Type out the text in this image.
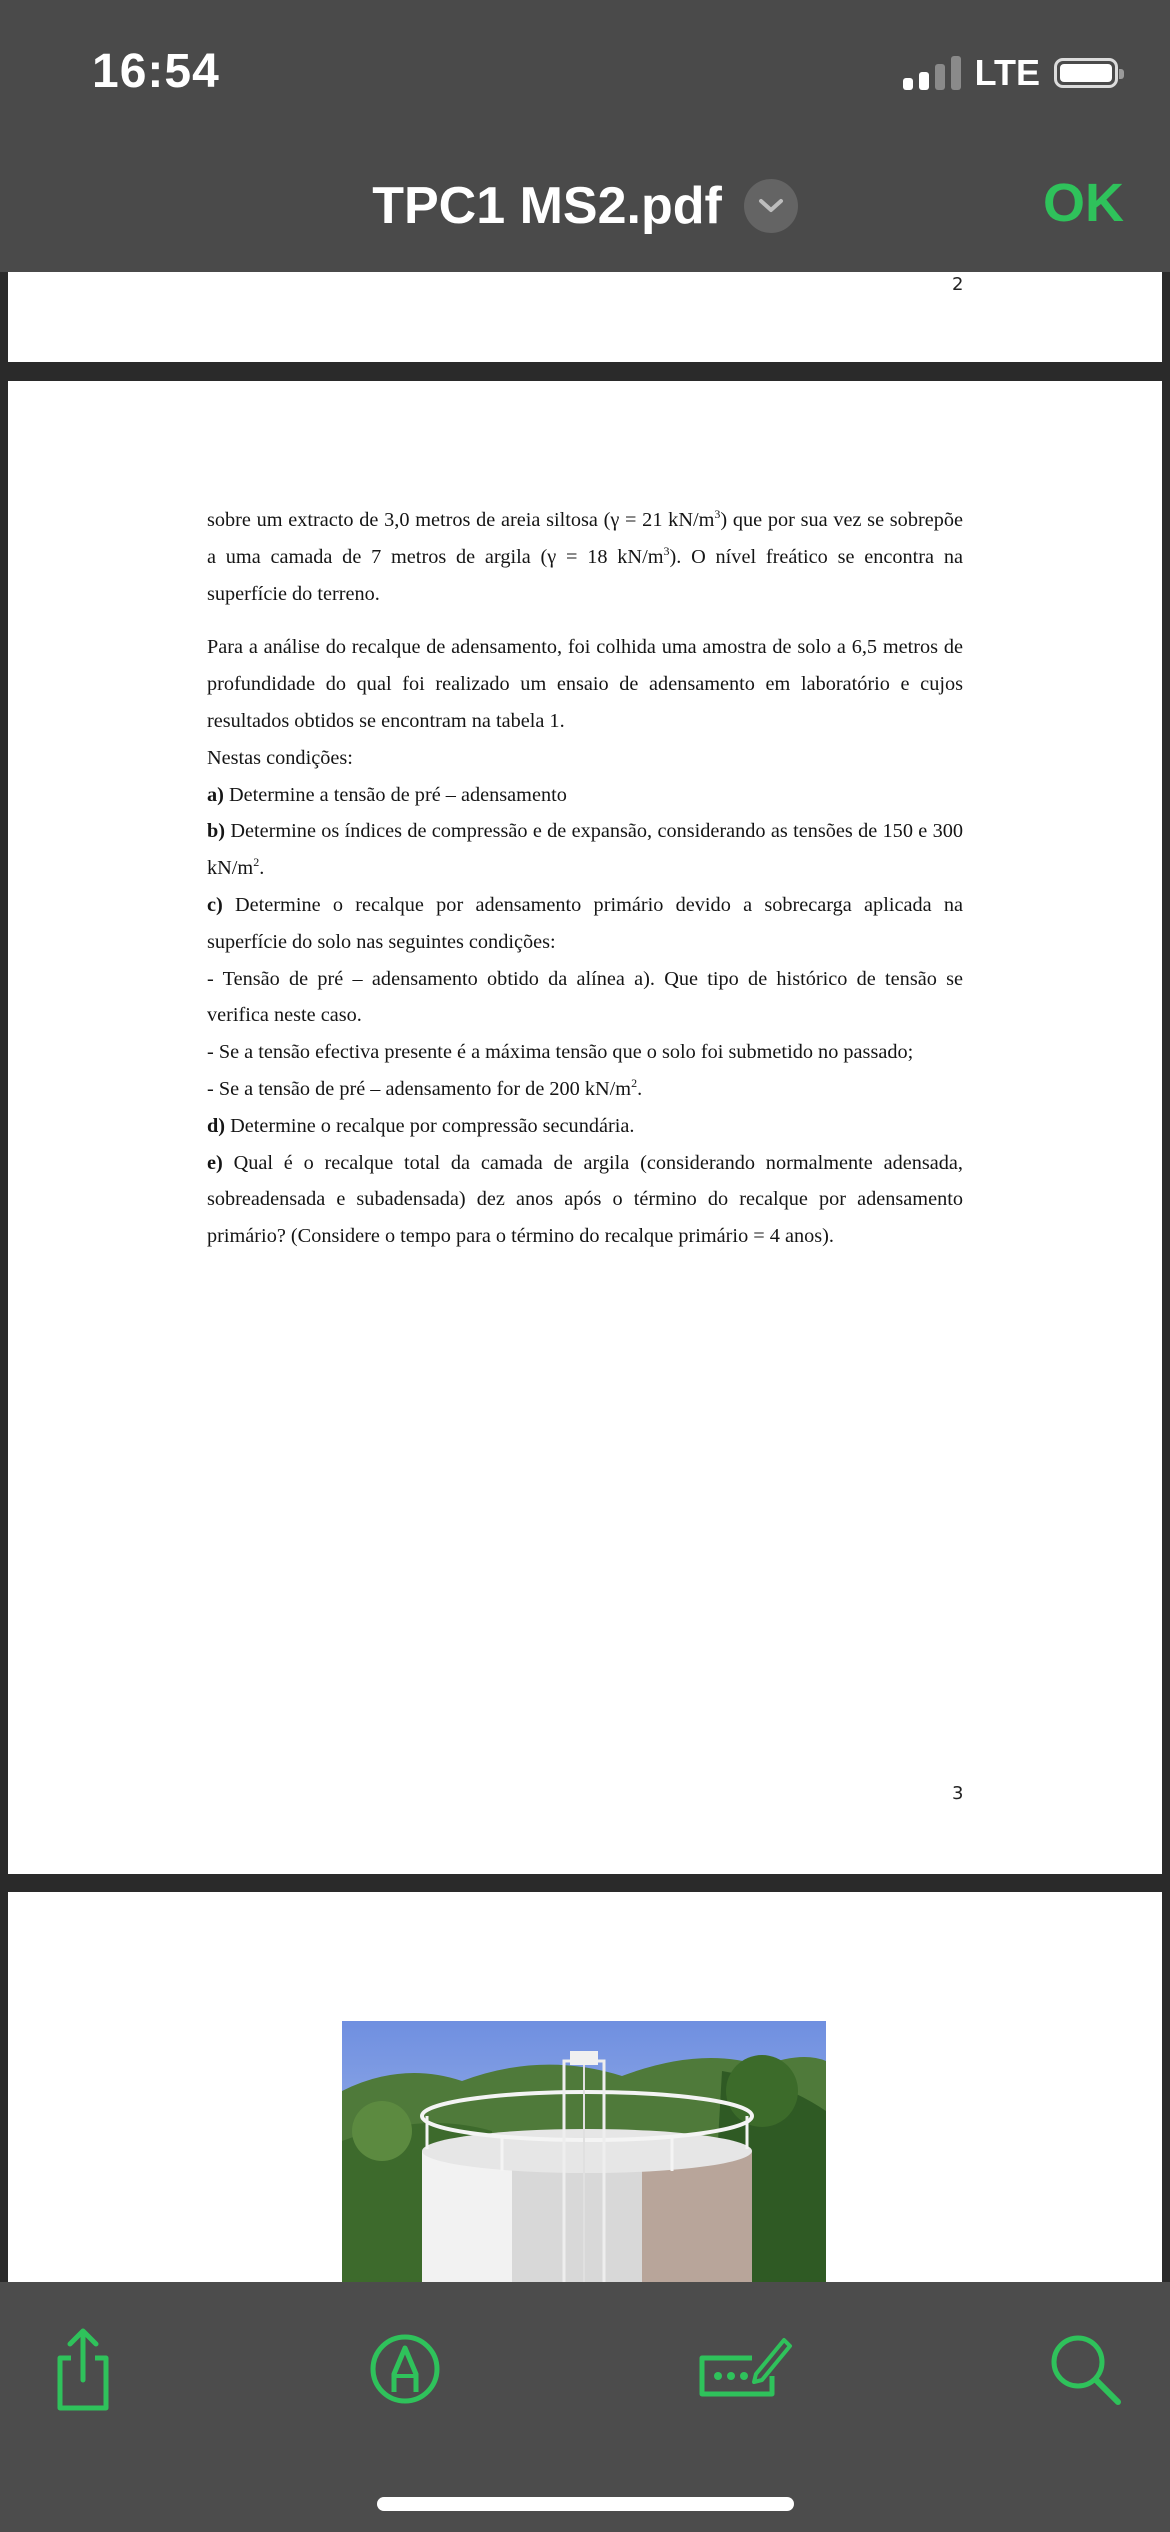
16:54	LTE
TPC1 MS2.pdf	OK
2

sobre um extracto de 3,0 metros de areia siltosa (γ = 21 $kN/m^3$) que por sua vez se sobrepõe a uma camada de 7 metros de argila (γ = 18 $kN/m^3$). O nível freático se encontra na superfície do terreno.

Para a análise do recalque de adensamento, foi colhida uma amostra de solo a 6,5 metros de profundidade do qual foi realizado um ensaio de adensamento em laboratório e cujos resultados obtidos se encontram na tabela 1.

Nestas condições:

a) Determine a tensão de pré – adensamento

b) Determine os índices de compressão e de expansão, considerando as tensões de 150 e 300 $kN/m^2$.

c) Determine o recalque por adensamento primário devido a sobrecarga aplicada na superfície do solo nas seguintes condições:

- Tensão de pré – adensamento obtido da alínea a). Que tipo de histórico de tensão se verifica neste caso.

- Se a tensão efectiva presente é a máxima tensão que o solo foi submetido no passado;

- Se a tensão de pré – adensamento for de 200 $kN/m^2$.

d) Determine o recalque por compressão secundária.

e) Qual é o recalque total da camada de argila (considerando normalmente adensada, sobreadensada e subadensada) dez anos após o término do recalque por adensamento primário? (Considere o tempo para o término do recalque primário = 4 anos).

3
